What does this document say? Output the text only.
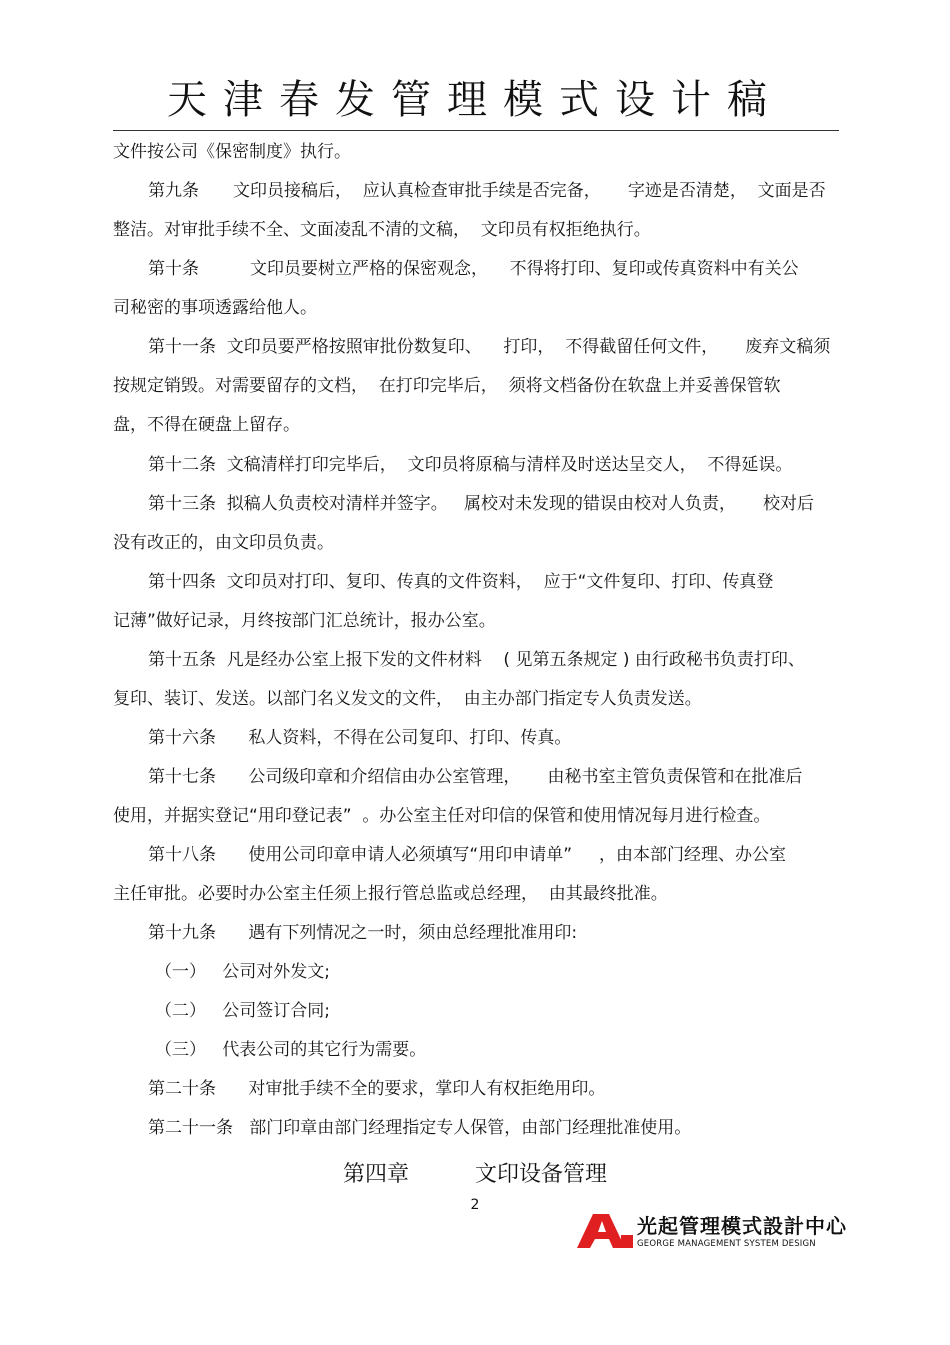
天津春发管理模式设计稿
文件按公司《保密制度》执行。
第九条　　文印员接稿后，  应认真检查审批手续是否完备，     字迹是否清楚，  文面是否
整洁。对审批手续不全、文面凌乱不清的文稿，  文印员有权拒绝执行。
第十条　　　文印员要树立严格的保密观念，    不得将打印、复印或传真资料中有关公
司秘密的事项透露给他人。
第十一条  文印员要严格按照审批份数复印、    打印，  不得截留任何文件，     废弃文稿须
按规定销毁。对需要留存的文档，  在打印完毕后，  须将文档备份在软盘上并妥善保管软
盘，不得在硬盘上留存。
第十二条  文稿清样打印完毕后，  文印员将原稿与清样及时送达呈交人，  不得延误。
第十三条  拟稿人负责校对清样并签字。   属校对未发现的错误由校对人负责，     校对后
没有改正的，由文印员负责。
第十四条  文印员对打印、复印、传真的文件资料，  应于“文件复印、打印、传真登
记薄”做好记录，月终按部门汇总统计，报办公室。
第十五条  凡是经办公室上报下发的文件材料    ( 见第五条规定 ) 由行政秘书负责打印、
复印、装订、发送。以部门名义发文的文件，  由主办部门指定专人负责发送。
第十六条      私人资料，不得在公司复印、打印、传真。
第十七条      公司级印章和介绍信由办公室管理，     由秘书室主管负责保管和在批准后
使用，并据实登记“用印登记表”  。办公室主任对印信的保管和使用情况每月进行检查。
第十八条      使用公司印章申请人必须填写“用印申请单”     ，由本部门经理、办公室
主任审批。必要时办公室主任须上报行管总监或总经理，  由其最终批准。
第十九条      遇有下列情况之一时，须由总经理批准用印:
（一）   公司对外发文;
（二）   公司签订合同;
（三）   代表公司的其它行为需要。
第二十条      对审批手续不全的要求，掌印人有权拒绝用印。
第二十一条   部门印章由部门经理指定专人保管，由部门经理批准使用。
第四章　　　文印设备管理
2
光起管理模式設計中心
GEORGE MANAGEMENT SYSTEM DESIGN
